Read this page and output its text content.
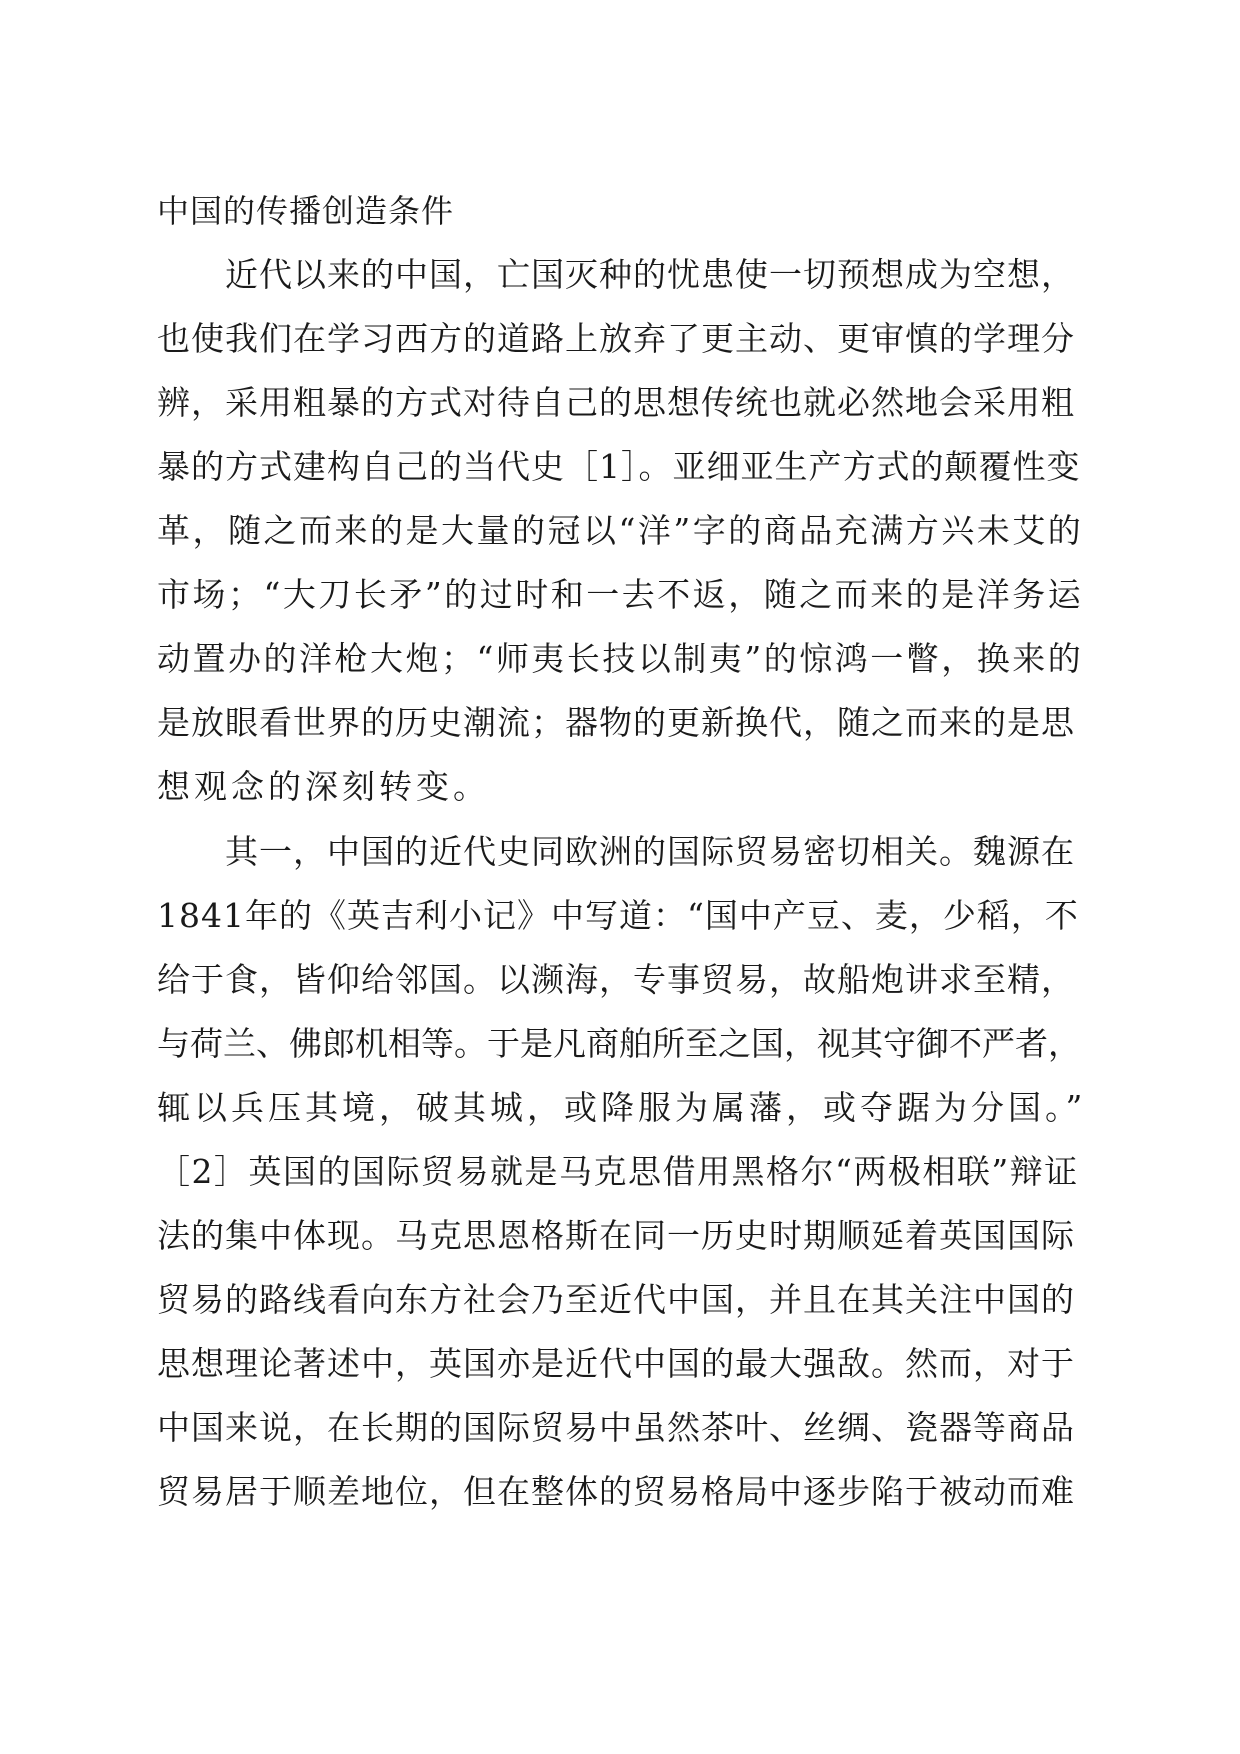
中国的传播创造条件

　　近代以来的中国，亡国灭种的忧患使一切预想成为空想，
也使我们在学习西方的道路上放弃了更主动、更审慎的学理分
辨，采用粗暴的方式对待自己的思想传统也就必然地会采用粗
暴的方式建构自己的当代史［1］。亚细亚生产方式的颠覆性变
革，随之而来的是大量的冠以“洋”字的商品充满方兴未艾的
市场；“大刀长矛”的过时和一去不返，随之而来的是洋务运
动置办的洋枪大炮；“师夷长技以制夷”的惊鸿一瞥，换来的
是放眼看世界的历史潮流；器物的更新换代，随之而来的是思
想观念的深刻转变。

　　其一，中国的近代史同欧洲的国际贸易密切相关。魏源在
1841年的《英吉利小记》中写道：“国中产豆、麦，少稻，不
给于食，皆仰给邻国。以濒海，专事贸易，故船炮讲求至精，
与荷兰、佛郎机相等。于是凡商舶所至之国，视其守御不严者，
辄以兵压其境，破其城，或降服为属藩，或夺踞为分国。”
［2］英国的国际贸易就是马克思借用黑格尔“两极相联”辩证
法的集中体现。马克思恩格斯在同一历史时期顺延着英国国际
贸易的路线看向东方社会乃至近代中国，并且在其关注中国的
思想理论著述中，英国亦是近代中国的最大强敌。然而，对于
中国来说，在长期的国际贸易中虽然茶叶、丝绸、瓷器等商品
贸易居于顺差地位，但在整体的贸易格局中逐步陷于被动而难
